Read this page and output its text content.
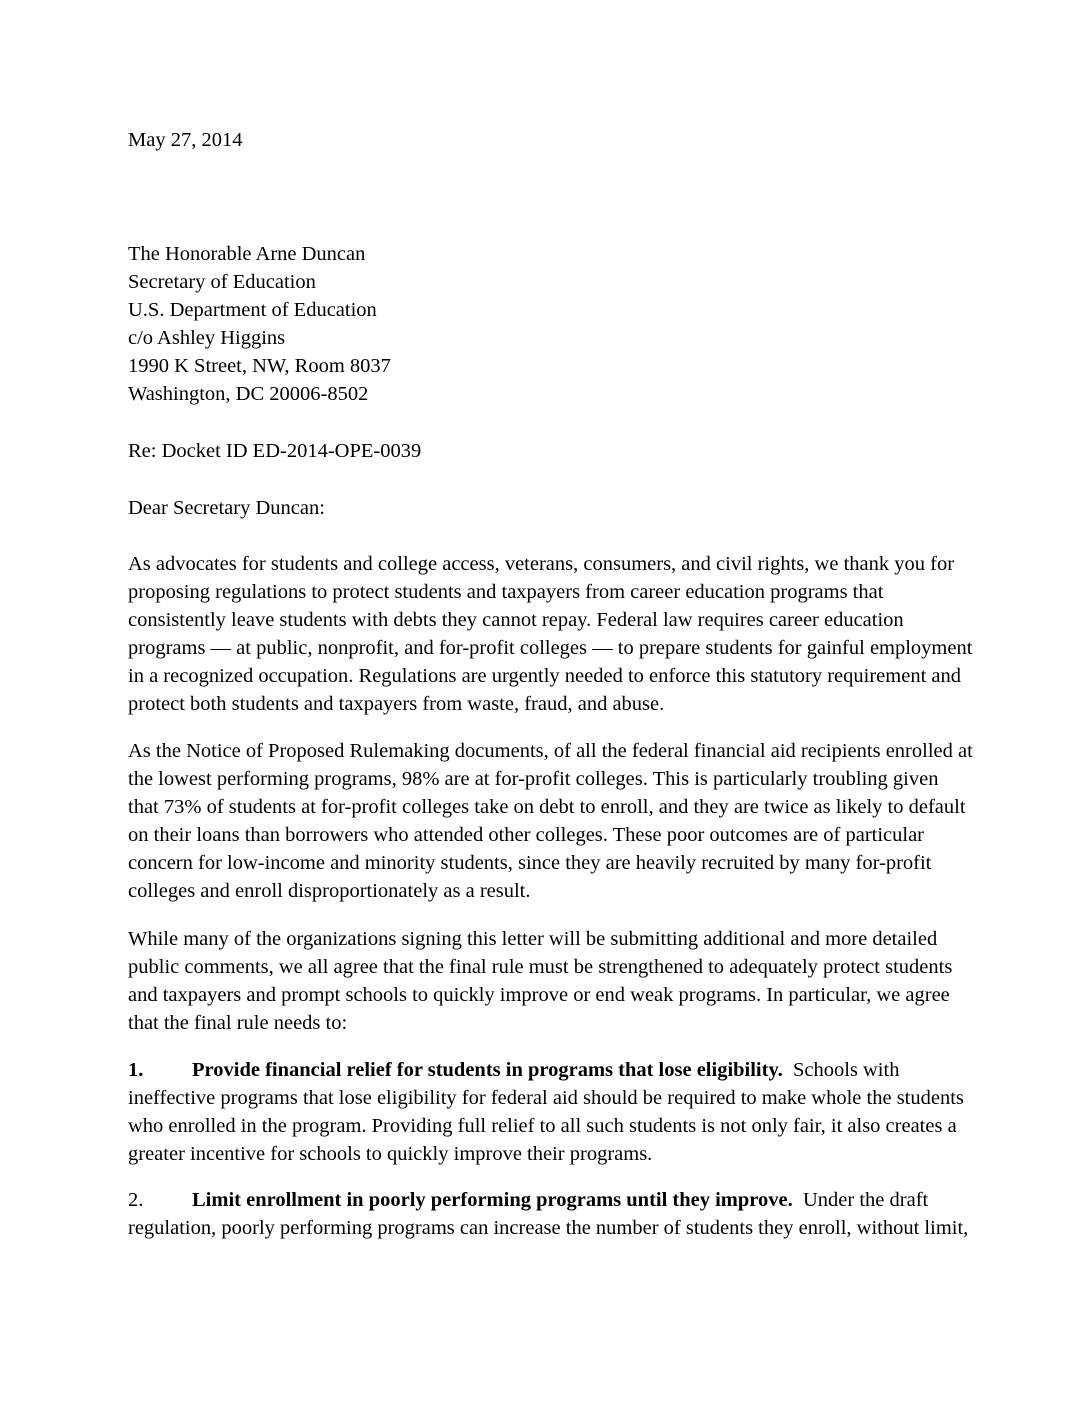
May 27, 2014
The Honorable Arne Duncan
Secretary of Education
U.S. Department of Education
c/o Ashley Higgins
1990 K Street, NW, Room 8037
Washington, DC 20006-8502
Re: Docket ID ED-2014-OPE-0039
Dear Secretary Duncan:
As advocates for students and college access, veterans, consumers, and civil rights, we thank you for
proposing regulations to protect students and taxpayers from career education programs that
consistently leave students with debts they cannot repay. Federal law requires career education
programs — at public, nonprofit, and for-profit colleges — to prepare students for gainful employment
in a recognized occupation. Regulations are urgently needed to enforce this statutory requirement and
protect both students and taxpayers from waste, fraud, and abuse.
As the Notice of Proposed Rulemaking documents, of all the federal financial aid recipients enrolled at
the lowest performing programs, 98% are at for-profit colleges. This is particularly troubling given
that 73% of students at for-profit colleges take on debt to enroll, and they are twice as likely to default
on their loans than borrowers who attended other colleges. These poor outcomes are of particular
concern for low-income and minority students, since they are heavily recruited by many for-profit
colleges and enroll disproportionately as a result.
While many of the organizations signing this letter will be submitting additional and more detailed
public comments, we all agree that the final rule must be strengthened to adequately protect students
and taxpayers and prompt schools to quickly improve or end weak programs. In particular, we agree
that the final rule needs to:
1. Provide financial relief for students in programs that lose eligibility. Schools with
ineffective programs that lose eligibility for federal aid should be required to make whole the students
who enrolled in the program. Providing full relief to all such students is not only fair, it also creates a
greater incentive for schools to quickly improve their programs.
2. Limit enrollment in poorly performing programs until they improve. Under the draft
regulation, poorly performing programs can increase the number of students they enroll, without limit,
